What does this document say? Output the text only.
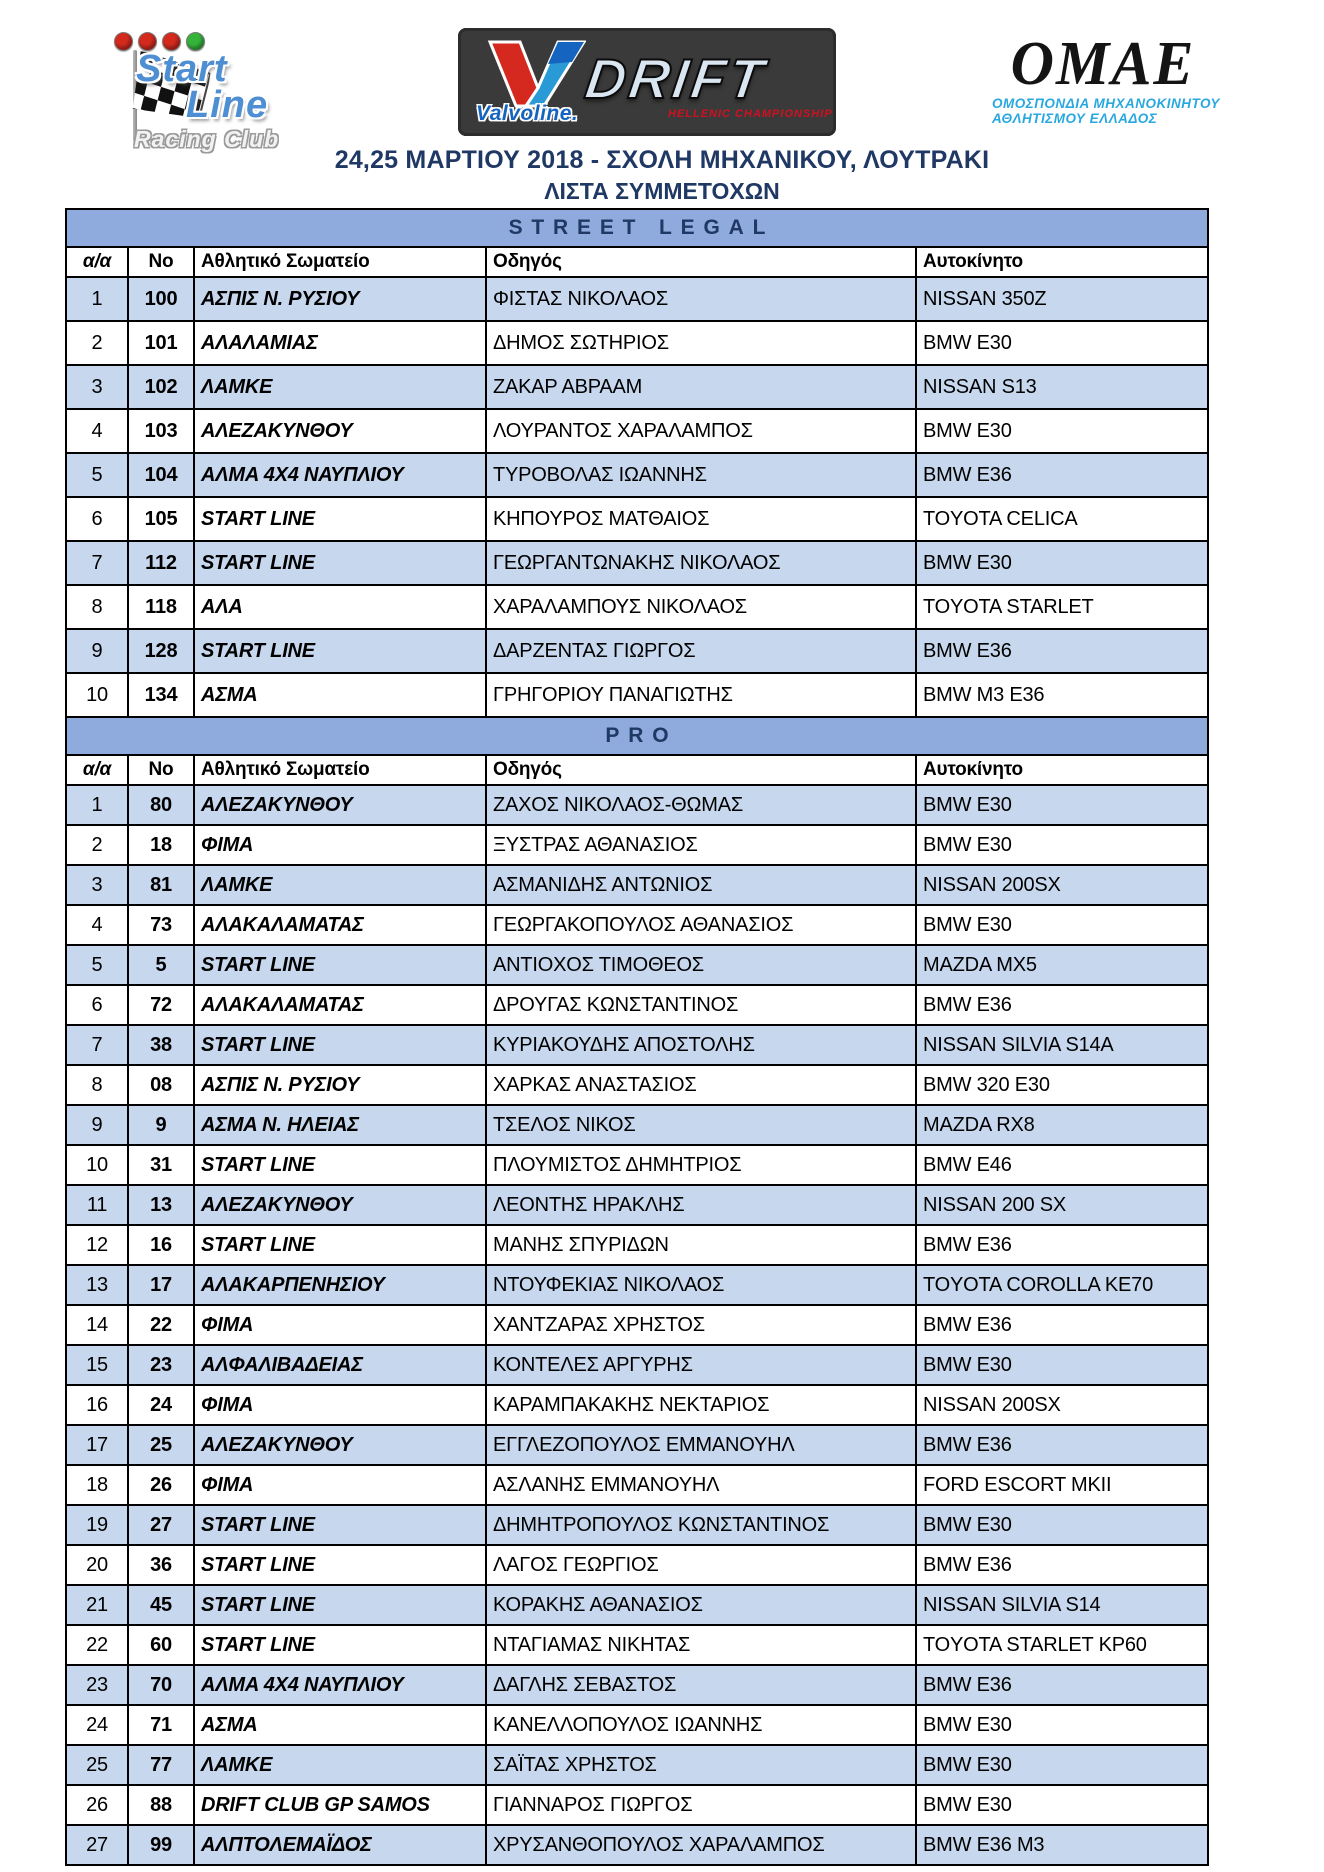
Start
Line
Racing Club
Valvoline.
DRIFT
HELLENIC CHAMPIONSHIP
OMAE
ΟΜΟΣΠΟΝΔΙΑ ΜΗΧΑΝΟΚΙΝΗΤΟΥ
ΑΘΛΗΤΙΣΜΟΥ ΕΛΛΑΔΟΣ
24,25 ΜΑΡΤΙΟΥ 2018 - ΣΧΟΛΗ ΜΗΧΑΝΙΚΟΥ, ΛΟΥΤΡΑΚΙ
ΛΙΣΤΑ ΣΥΜΜΕΤΟΧΩΝ
STREET LEGAL
α/α	No	Αθλητικό Σωματείο	Οδηγός	Αυτοκίνητο
1	100	ΑΣΠΙΣ Ν. ΡΥΣΙΟΥ	ΦΙΣΤΑΣ ΝΙΚΟΛΑΟΣ	NISSAN 350Z
2	101	ΑΛΑΛΑΜΙΑΣ	ΔΗΜΟΣ ΣΩΤΗΡΙΟΣ	BMW E30
3	102	ΛΑΜΚΕ	ΖΑΚΑΡ ΑΒΡΑΑΜ	NISSAN S13
4	103	ΑΛΕΖΑΚΥΝΘΟΥ	ΛΟΥΡΑΝΤΟΣ ΧΑΡΑΛΑΜΠΟΣ	BMW E30
5	104	ΑΛΜΑ 4Χ4 ΝΑΥΠΛΙΟΥ	ΤΥΡΟΒΟΛΑΣ ΙΩΑΝΝΗΣ	BMW E36
6	105	START LINE	ΚΗΠΟΥΡΟΣ ΜΑΤΘΑΙΟΣ	TOYOTA CELICA
7	112	START LINE	ΓΕΩΡΓΑΝΤΩΝΑΚΗΣ ΝΙΚΟΛΑΟΣ	BMW E30
8	118	ΑΛΑ	ΧΑΡΑΛΑΜΠΟΥΣ ΝΙΚΟΛΑΟΣ	TOYOTA STARLET
9	128	START LINE	ΔΑΡΖΕΝΤΑΣ ΓΙΩΡΓΟΣ	BMW E36
10	134	ΑΣΜΑ	ΓΡΗΓΟΡΙΟΥ ΠΑΝΑΓΙΩΤΗΣ	BMW M3 E36
PRO
α/α	No	Αθλητικό Σωματείο	Οδηγός	Αυτοκίνητο
1	80	ΑΛΕΖΑΚΥΝΘΟΥ	ΖΑΧΟΣ ΝΙΚΟΛΑΟΣ-ΘΩΜΑΣ	BMW E30
2	18	ΦΙΜΑ	ΞΥΣΤΡΑΣ ΑΘΑΝΑΣΙΟΣ	BMW E30
3	81	ΛΑΜΚΕ	ΑΣΜΑΝΙΔΗΣ ΑΝΤΩΝΙΟΣ	NISSAN 200SX
4	73	ΑΛΑΚΑΛΑΜΑΤΑΣ	ΓΕΩΡΓΑΚΟΠΟΥΛΟΣ ΑΘΑΝΑΣΙΟΣ	BMW E30
5	5	START LINE	ΑΝΤΙΟΧΟΣ ΤΙΜΟΘΕΟΣ	MAZDA MX5
6	72	ΑΛΑΚΑΛΑΜΑΤΑΣ	ΔΡΟΥΓΑΣ ΚΩΝΣΤΑΝΤΙΝΟΣ	BMW E36
7	38	START LINE	ΚΥΡΙΑΚΟΥΔΗΣ ΑΠΟΣΤΟΛΗΣ	NISSAN SILVIA S14A
8	08	ΑΣΠΙΣ Ν. ΡΥΣΙΟΥ	ΧΑΡΚΑΣ ΑΝΑΣΤΑΣΙΟΣ	BMW 320 E30
9	9	ΑΣΜΑ Ν. ΗΛΕΙΑΣ	ΤΣΕΛΟΣ ΝΙΚΟΣ	MAZDA RX8
10	31	START LINE	ΠΛΟΥΜΙΣΤΟΣ ΔΗΜΗΤΡΙΟΣ	BMW E46
11	13	ΑΛΕΖΑΚΥΝΘΟΥ	ΛΕΟΝΤΗΣ ΗΡΑΚΛΗΣ	NISSAN 200 SX
12	16	START LINE	ΜΑΝΗΣ ΣΠΥΡΙΔΩΝ	BMW E36
13	17	ΑΛΑΚΑΡΠΕΝΗΣΙΟΥ	ΝΤΟΥΦΕΚΙΑΣ ΝΙΚΟΛΑΟΣ	TOYOTA COROLLA KE70
14	22	ΦΙΜΑ	ΧΑΝΤΖΑΡΑΣ ΧΡΗΣΤΟΣ	BMW E36
15	23	ΑΛΦΑΛΙΒΑΔΕΙΑΣ	ΚΟΝΤΕΛΕΣ ΑΡΓΥΡΗΣ	BMW E30
16	24	ΦΙΜΑ	ΚΑΡΑΜΠΑΚΑΚΗΣ ΝΕΚΤΑΡΙΟΣ	NISSAN 200SX
17	25	ΑΛΕΖΑΚΥΝΘΟΥ	ΕΓΓΛΕΖΟΠΟΥΛΟΣ ΕΜΜΑΝΟΥΗΛ	BMW E36
18	26	ΦΙΜΑ	ΑΣΛΑΝΗΣ ΕΜΜΑΝΟΥΗΛ	FORD ESCORT MKII
19	27	START LINE	ΔΗΜΗΤΡΟΠΟΥΛΟΣ ΚΩΝΣΤΑΝΤΙΝΟΣ	BMW E30
20	36	START LINE	ΛΑΓΟΣ ΓΕΩΡΓΙΟΣ	BMW E36
21	45	START LINE	ΚΟΡΑΚΗΣ ΑΘΑΝΑΣΙΟΣ	NISSAN SILVIA S14
22	60	START LINE	ΝΤΑΓΙΑΜΑΣ ΝΙΚΗΤΑΣ	TOYOTA STARLET KP60
23	70	ΑΛΜΑ 4Χ4 ΝΑΥΠΛΙΟΥ	ΔΑΓΛΗΣ ΣΕΒΑΣΤΟΣ	BMW E36
24	71	ΑΣΜΑ	ΚΑΝΕΛΛΟΠΟΥΛΟΣ ΙΩΑΝΝΗΣ	BMW E30
25	77	ΛΑΜΚΕ	ΣΑΪΤΑΣ ΧΡΗΣΤΟΣ	BMW E30
26	88	DRIFT CLUB GP SAMOS	ΓΙΑΝΝΑΡΟΣ ΓΙΩΡΓΟΣ	BMW E30
27	99	ΑΛΠΤΟΛΕΜΑΪΔΟΣ	ΧΡΥΣΑΝΘΟΠΟΥΛΟΣ ΧΑΡΑΛΑΜΠΟΣ	BMW E36 M3
